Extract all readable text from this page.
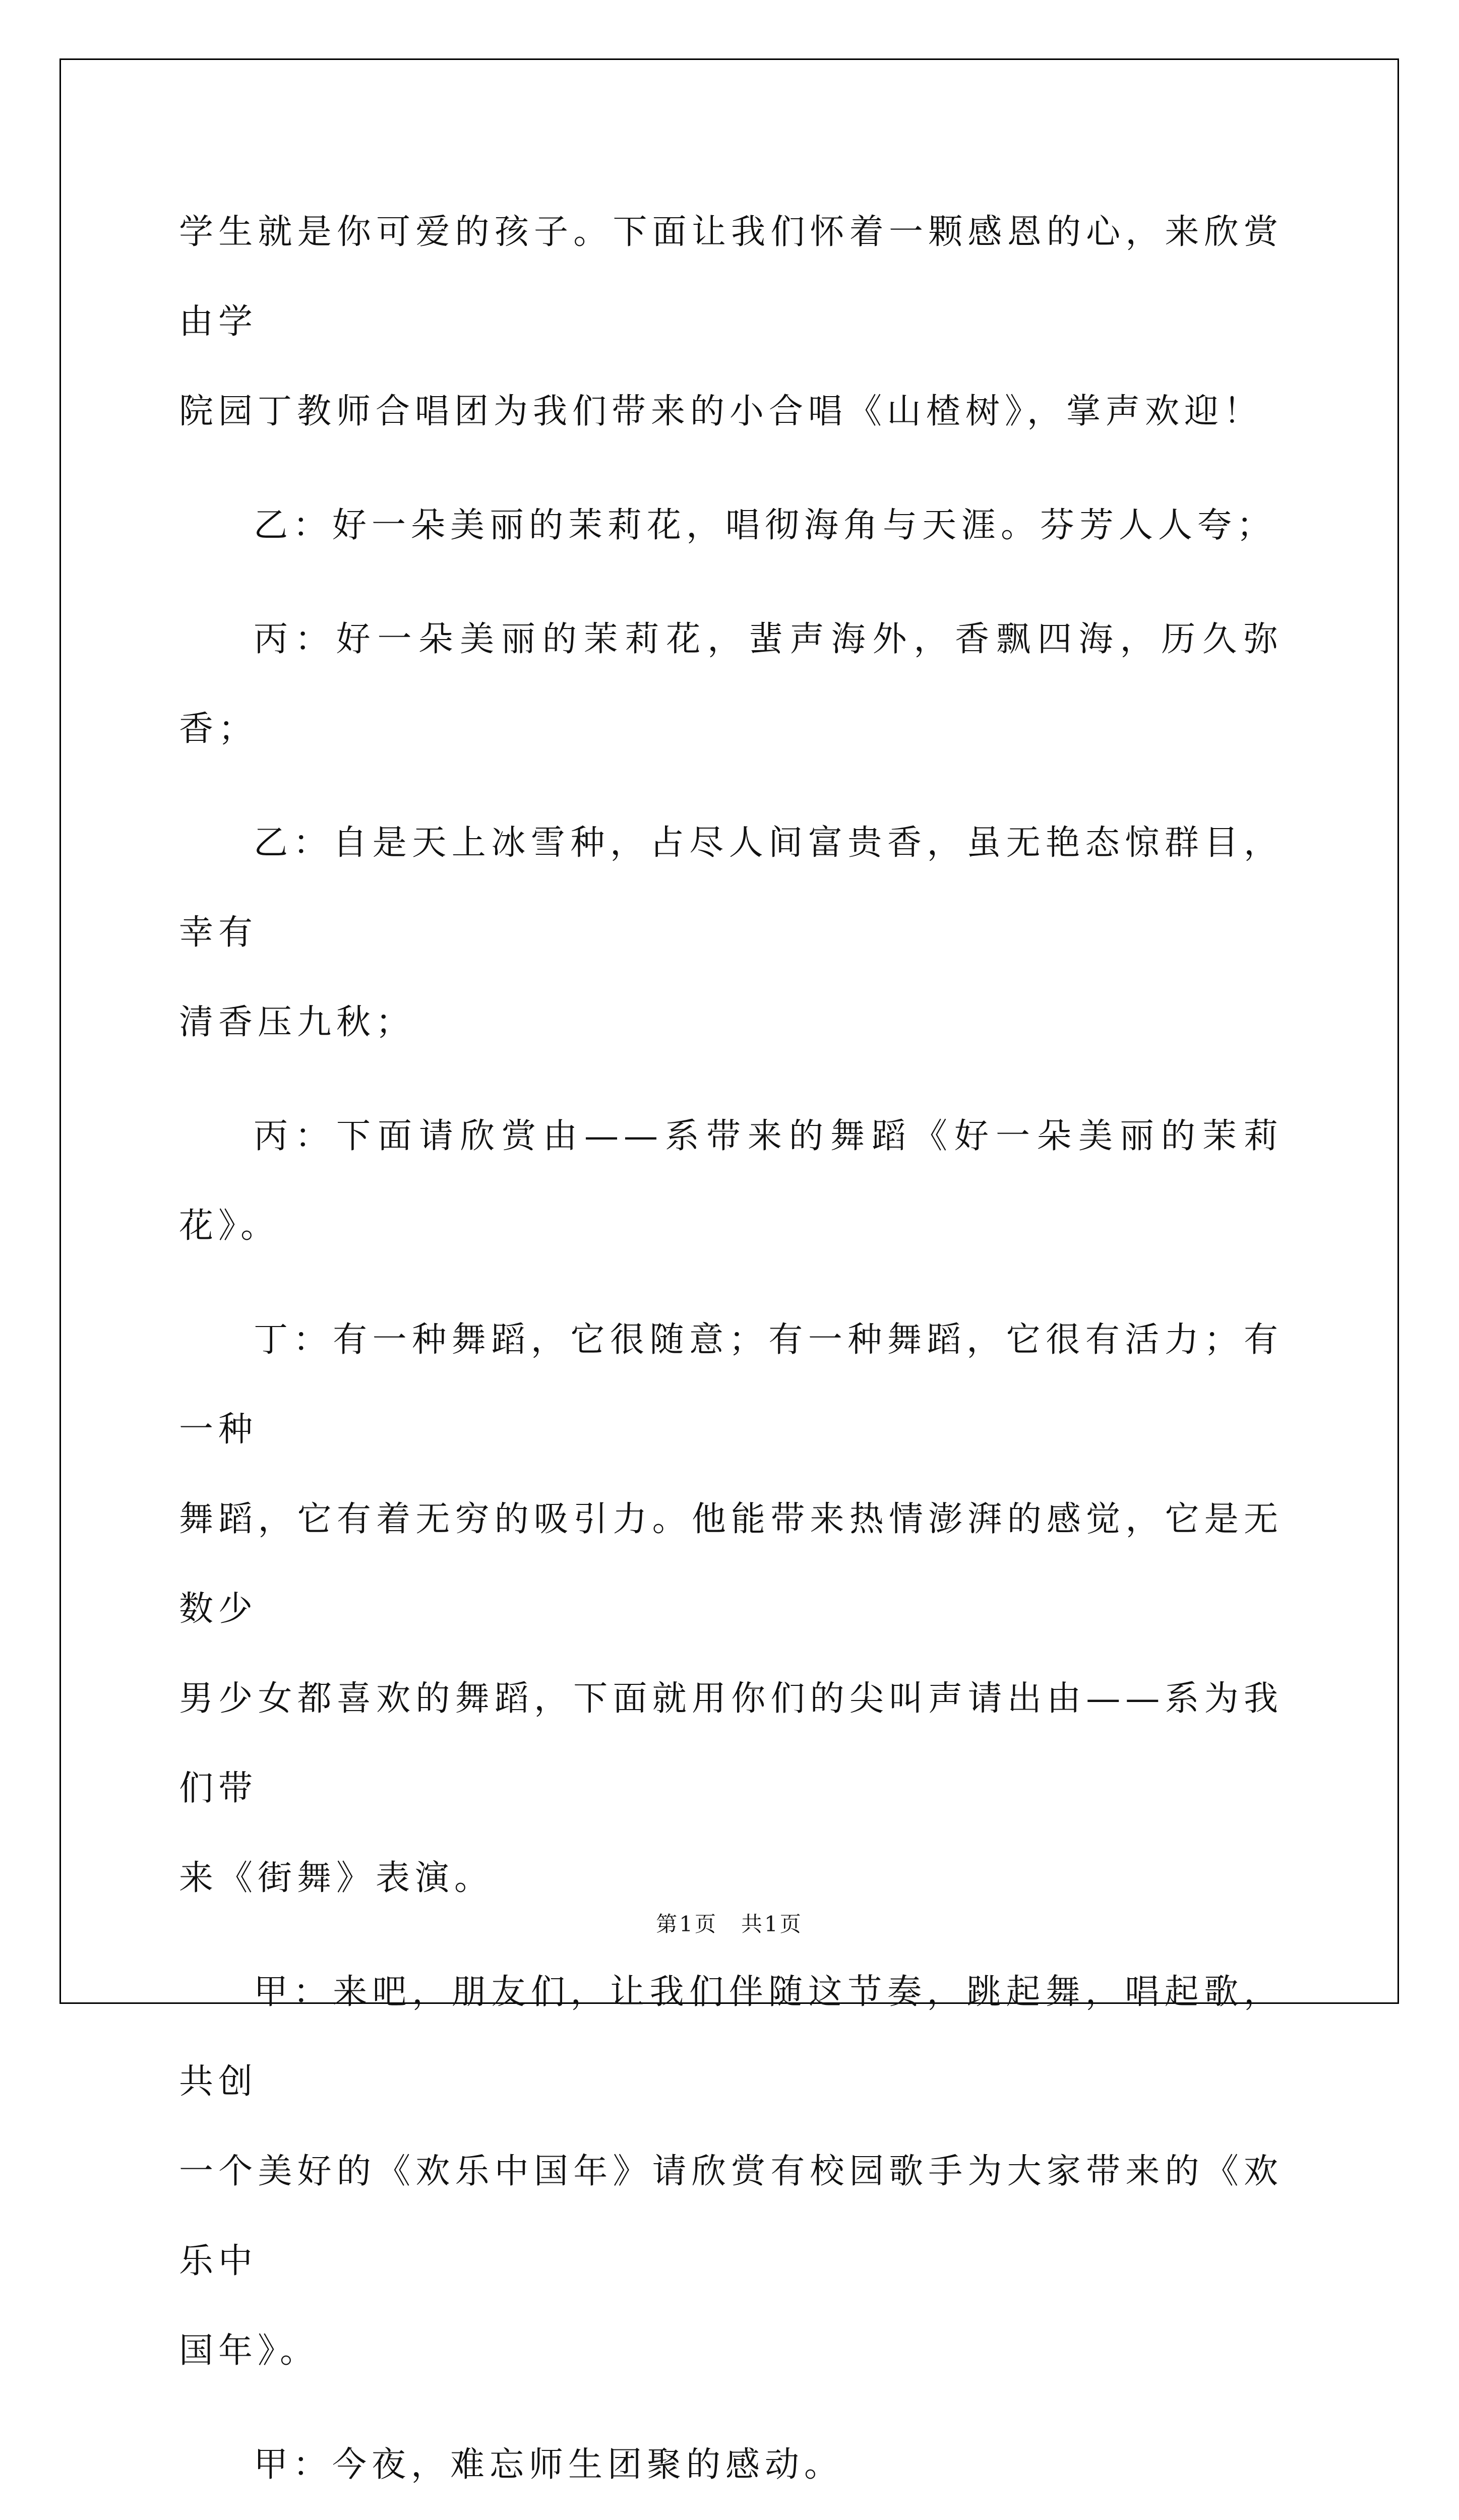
学生就是你可爱的孩子。下面让我们怀着一颗感恩的心，来欣赏由学
院园丁教师合唱团为我们带来的小合唱《山楂树》，掌声欢迎！

乙：好一朵美丽的茉莉花，唱彻海角与天涯。芬芳人人夸；

丙：好一朵美丽的茉莉花，蜚声海外，香飘四海，历久弥香；

乙：自是天上冰雪种，占尽人间富贵香，虽无艳态惊群目，幸有
清香压九秋；

丙：下面请欣赏由——系带来的舞蹈《好一朵美丽的茉莉花》。

丁：有一种舞蹈，它很随意；有一种舞蹈，它很有活力；有一种
舞蹈，它有着无穷的吸引力。他能带来热情澎湃的感觉，它是无数少
男少女都喜欢的舞蹈，下面就用你们的尖叫声请出由——系为我们带
来《街舞》表演。

甲：来吧，朋友们，让我们伴随这节奏，跳起舞，唱起歌，共创
一个美好的《欢乐中国年》请欣赏有校园歌手为大家带来的《欢乐中
国年》。

甲：今夜，难忘师生团聚的感动。

第1页　共1页
